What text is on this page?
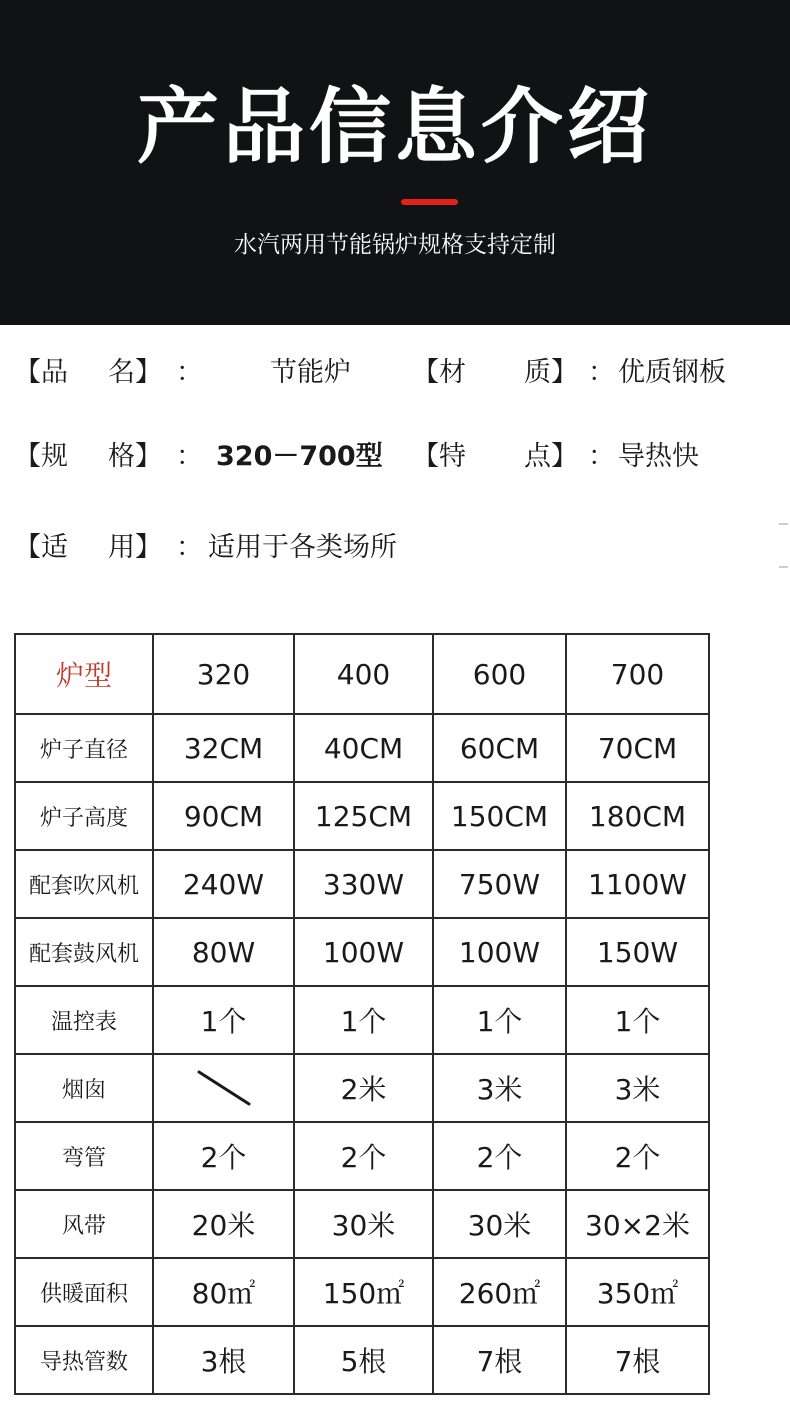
产品信息介绍
水汽两用节能锅炉规格支持定制
【品 名】 ： 节能炉 【材 质】 ： 优质钢板
【规 格】 ： 320－700型 【特 点】 ： 导热快
【适 用】 ： 适用于各类场所
炉型	320	400	600	700
炉子直径	32CM	40CM	60CM	70CM
炉子高度	90CM	125CM	150CM	180CM
配套吹风机	240W	330W	750W	1100W
配套鼓风机	80W	100W	100W	150W
温控表	1个	1个	1个	1个
烟囱		2米	3米	3米
弯管	2个	2个	2个	2个
风带	20米	30米	30米	30×2米
供暖面积	80㎡	150㎡	260㎡	350㎡
导热管数	3根	5根	7根	7根
